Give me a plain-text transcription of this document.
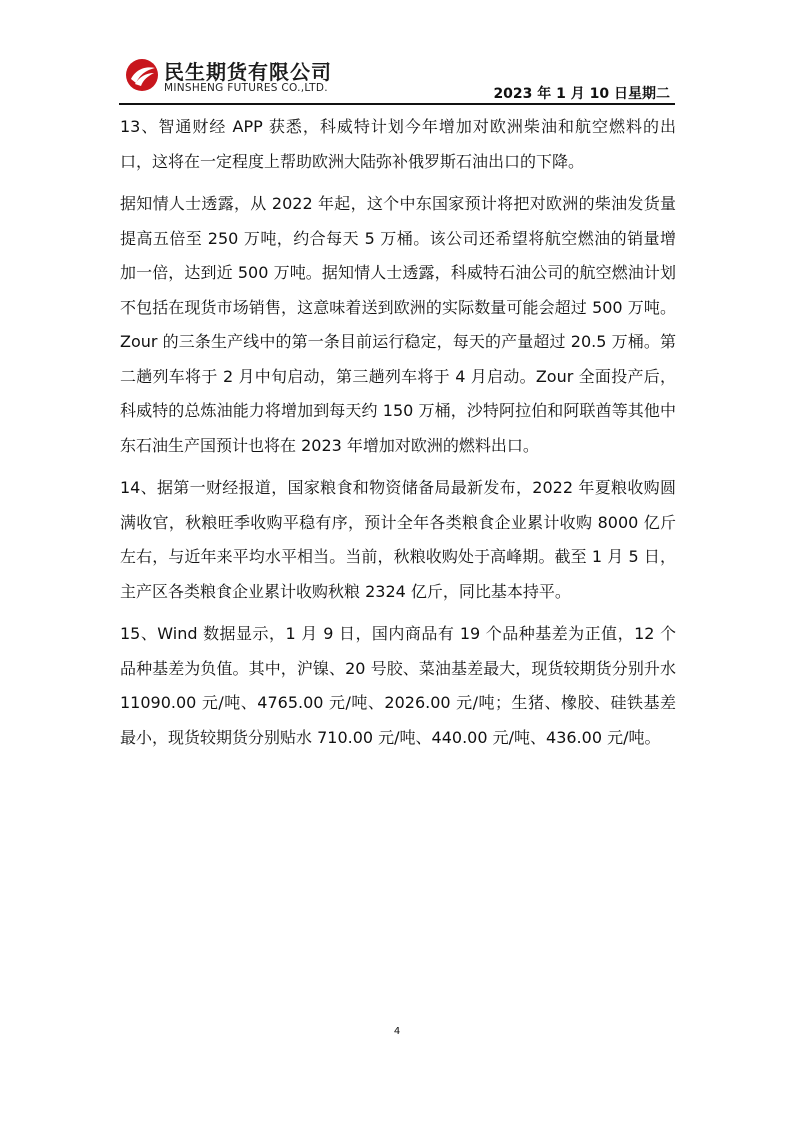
民生期货有限公司
MINSHENG FUTURES CO.,LTD.	2023 年 1 月 10 日星期二

13、智通财经 APP 获悉，科威特计划今年增加对欧洲柴油和航空燃料的出口，这将在一定程度上帮助欧洲大陆弥补俄罗斯石油出口的下降。

据知情人士透露，从 2022 年起，这个中东国家预计将把对欧洲的柴油发货量提高五倍至 250 万吨，约合每天 5 万桶。该公司还希望将航空燃油的销量增加一倍，达到近 500 万吨。据知情人士透露，科威特石油公司的航空燃油计划不包括在现货市场销售，这意味着送到欧洲的实际数量可能会超过 500 万吨。Zour 的三条生产线中的第一条目前运行稳定，每天的产量超过 20.5 万桶。第二趟列车将于 2 月中旬启动，第三趟列车将于 4 月启动。Zour 全面投产后，科威特的总炼油能力将增加到每天约 150 万桶，沙特阿拉伯和阿联酋等其他中东石油生产国预计也将在 2023 年增加对欧洲的燃料出口。

14、据第一财经报道，国家粮食和物资储备局最新发布，2022 年夏粮收购圆满收官，秋粮旺季收购平稳有序，预计全年各类粮食企业累计收购 8000 亿斤左右，与近年来平均水平相当。当前，秋粮收购处于高峰期。截至 1 月 5 日，主产区各类粮食企业累计收购秋粮 2324 亿斤，同比基本持平。

15、Wind 数据显示，1 月 9 日，国内商品有 19 个品种基差为正值，12 个品种基差为负值。其中，沪镍、20 号胶、菜油基差最大，现货较期货分别升水 11090.00 元/吨、4765.00 元/吨、2026.00 元/吨；生猪、橡胶、硅铁基差最小，现货较期货分别贴水 710.00 元/吨、440.00 元/吨、436.00 元/吨。

4
